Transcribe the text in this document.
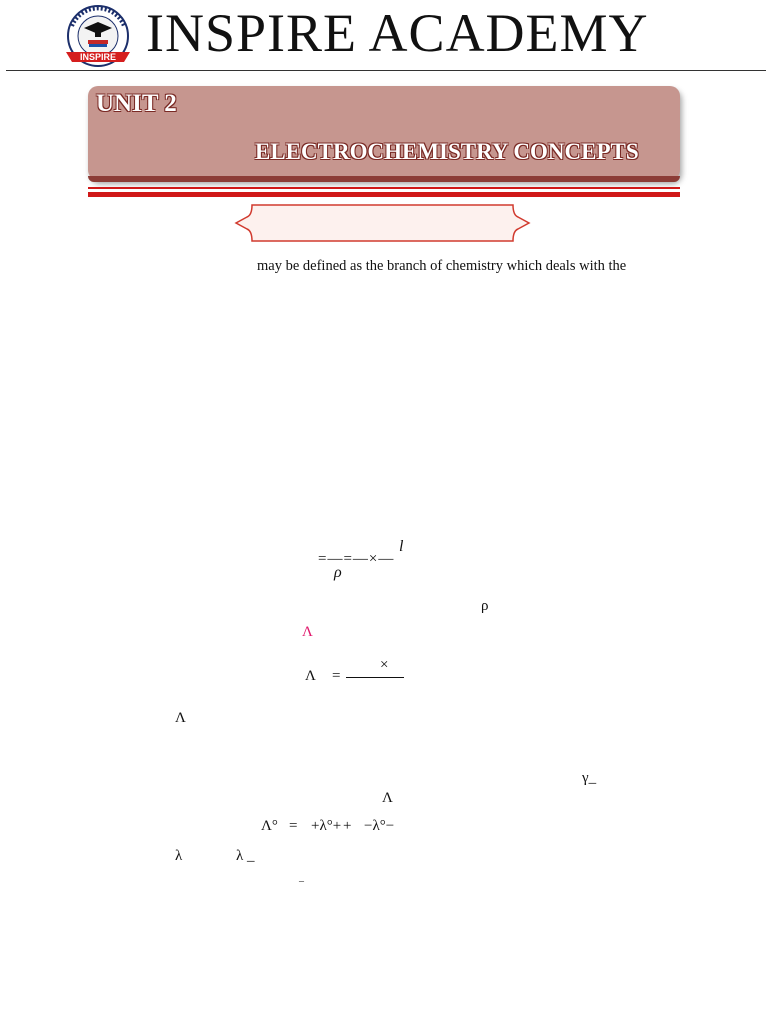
INSPIRE INSPIRE ACADEMY
UNIT 2
ELECTROCHEMISTRY CONCEPTS
may be defined as the branch of chemistry which deals with the
=—=—×—
l
ρ
ρ
Λ
Λ =
×
Λ
γ_
Λ
Λ° = +λ°+ + −λ°−
λ	λ _
–
